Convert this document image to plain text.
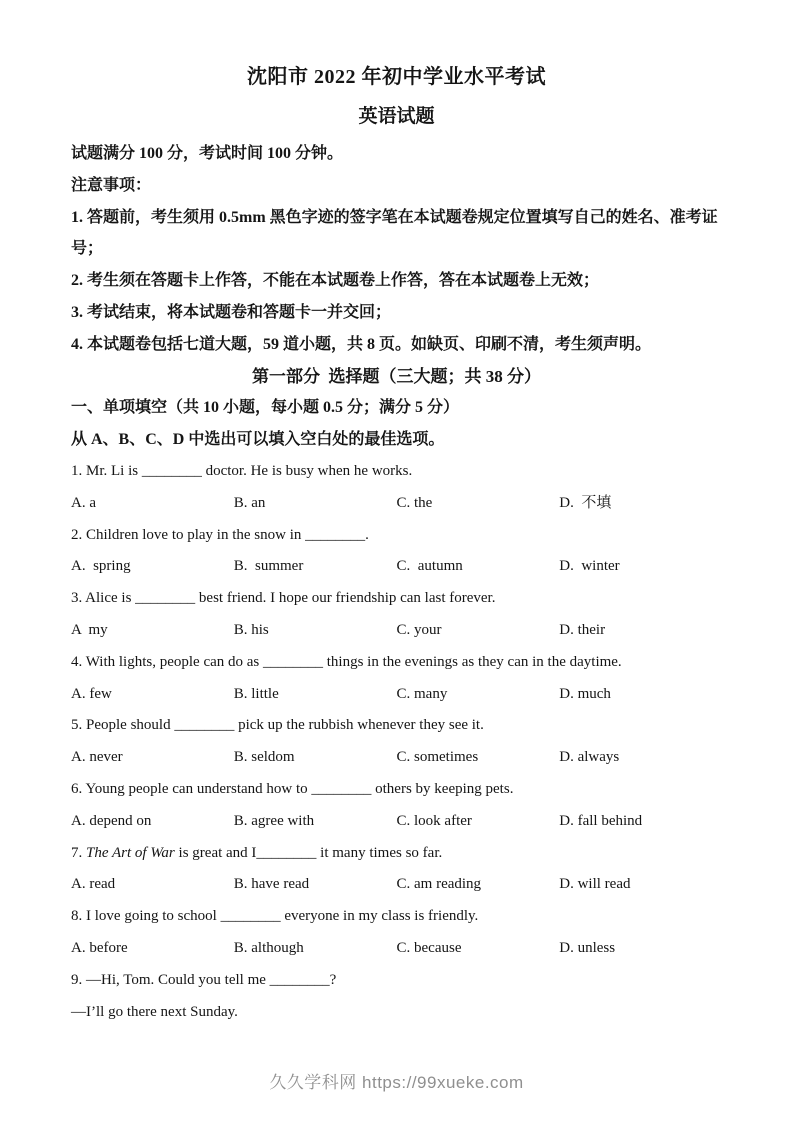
沈阳市 2022 年初中学业水平考试
英语试题
试题满分 100 分，考试时间 100 分钟。
注意事项：
1. 答题前，考生须用 0.5mm 黑色字迹的签字笔在本试题卷规定位置填写自己的姓名、准考证号；
2. 考生须在答题卡上作答，不能在本试题卷上作答，答在本试题卷上无效；
3. 考试结束，将本试题卷和答题卡一并交回；
4. 本试题卷包括七道大题，59 道小题，共 8 页。如缺页、印刷不清，考生须声明。
第一部分  选择题（三大题；共 38 分）
一、单项填空（共 10 小题，每小题 0.5 分；满分 5 分）
从 A、B、C、D 中选出可以填入空白处的最佳选项。
1. Mr. Li is ________ doctor. He is busy when he works.
A. a	B. an	C. the	D.  不填
2. Children love to play in the snow in ________.
A.  spring	B.  summer	C.  autumn	D.  winter
3. Alice is ________ best friend. I hope our friendship can last forever.
A  my	B. his	C. your	D. their
4. With lights, people can do as ________ things in the evenings as they can in the daytime.
A. few	B. little	C. many	D. much
5. People should ________ pick up the rubbish whenever they see it.
A. never	B. seldom	C. sometimes	D. always
6. Young people can understand how to ________ others by keeping pets.
A. depend on	B. agree with	C. look after	D. fall behind
7. The Art of War is great and I________ it many times so far.
A. read	B. have read	C. am reading	D. will read
8. I love going to school ________ everyone in my class is friendly.
A. before	B. although	C. because	D. unless
9. —Hi, Tom. Could you tell me ________?
—I’ll go there next Sunday.
久久学科网 https://99xueke.com
